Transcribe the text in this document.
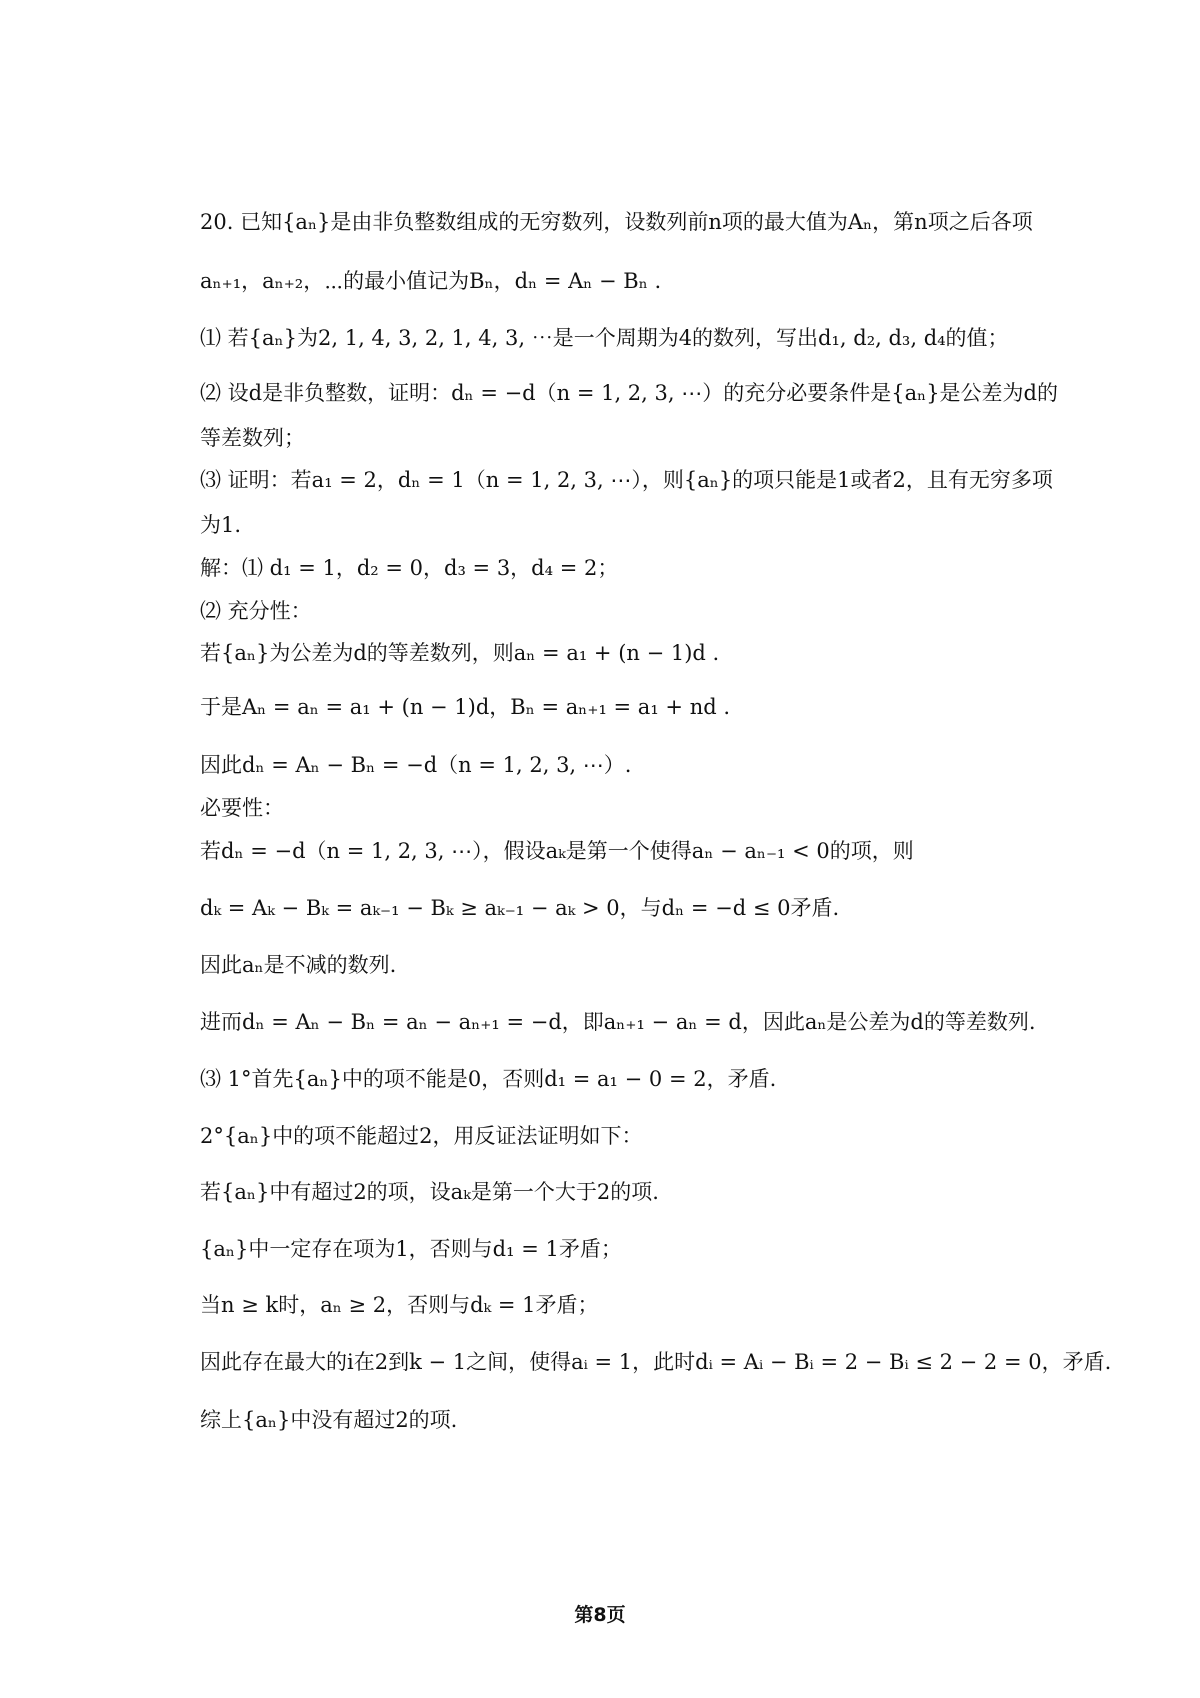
20. 已知{aₙ}是由非负整数组成的无穷数列，设数列前n项的最大值为Aₙ，第n项之后各项
aₙ₊₁，aₙ₊₂，⋯的最小值记为Bₙ，dₙ = Aₙ − Bₙ .
⑴ 若{aₙ}为2, 1, 4, 3, 2, 1, 4, 3, ⋯是一个周期为4的数列，写出d₁, d₂, d₃, d₄的值；
⑵ 设d是非负整数，证明：dₙ = −d（n = 1, 2, 3, ⋯）的充分必要条件是{aₙ}是公差为d的
等差数列；
⑶ 证明：若a₁ = 2，dₙ = 1（n = 1, 2, 3, ⋯），则{aₙ}的项只能是1或者2，且有无穷多项
为1.
解：⑴ d₁ = 1，d₂ = 0，d₃ = 3，d₄ = 2；
⑵ 充分性：
若{aₙ}为公差为d的等差数列，则aₙ = a₁ + (n − 1)d .
于是Aₙ = aₙ = a₁ + (n − 1)d，Bₙ = aₙ₊₁ = a₁ + nd .
因此dₙ = Aₙ − Bₙ = −d（n = 1, 2, 3, ⋯）.
必要性：
若dₙ = −d（n = 1, 2, 3, ⋯），假设aₖ是第一个使得aₙ − aₙ₋₁ < 0的项，则
dₖ = Aₖ − Bₖ = aₖ₋₁ − Bₖ ≥ aₖ₋₁ − aₖ > 0，与dₙ = −d ≤ 0矛盾.
因此aₙ是不减的数列.
进而dₙ = Aₙ − Bₙ = aₙ − aₙ₊₁ = −d，即aₙ₊₁ − aₙ = d，因此aₙ是公差为d的等差数列.
⑶ 1°首先{aₙ}中的项不能是0，否则d₁ = a₁ − 0 = 2，矛盾.
2°{aₙ}中的项不能超过2，用反证法证明如下：
若{aₙ}中有超过2的项，设aₖ是第一个大于2的项.
{aₙ}中一定存在项为1，否则与d₁ = 1矛盾；
当n ≥ k时，aₙ ≥ 2，否则与dₖ = 1矛盾；
因此存在最大的i在2到k − 1之间，使得aᵢ = 1，此时dᵢ = Aᵢ − Bᵢ = 2 − Bᵢ ≤ 2 − 2 = 0，矛盾.
综上{aₙ}中没有超过2的项.
第8页
